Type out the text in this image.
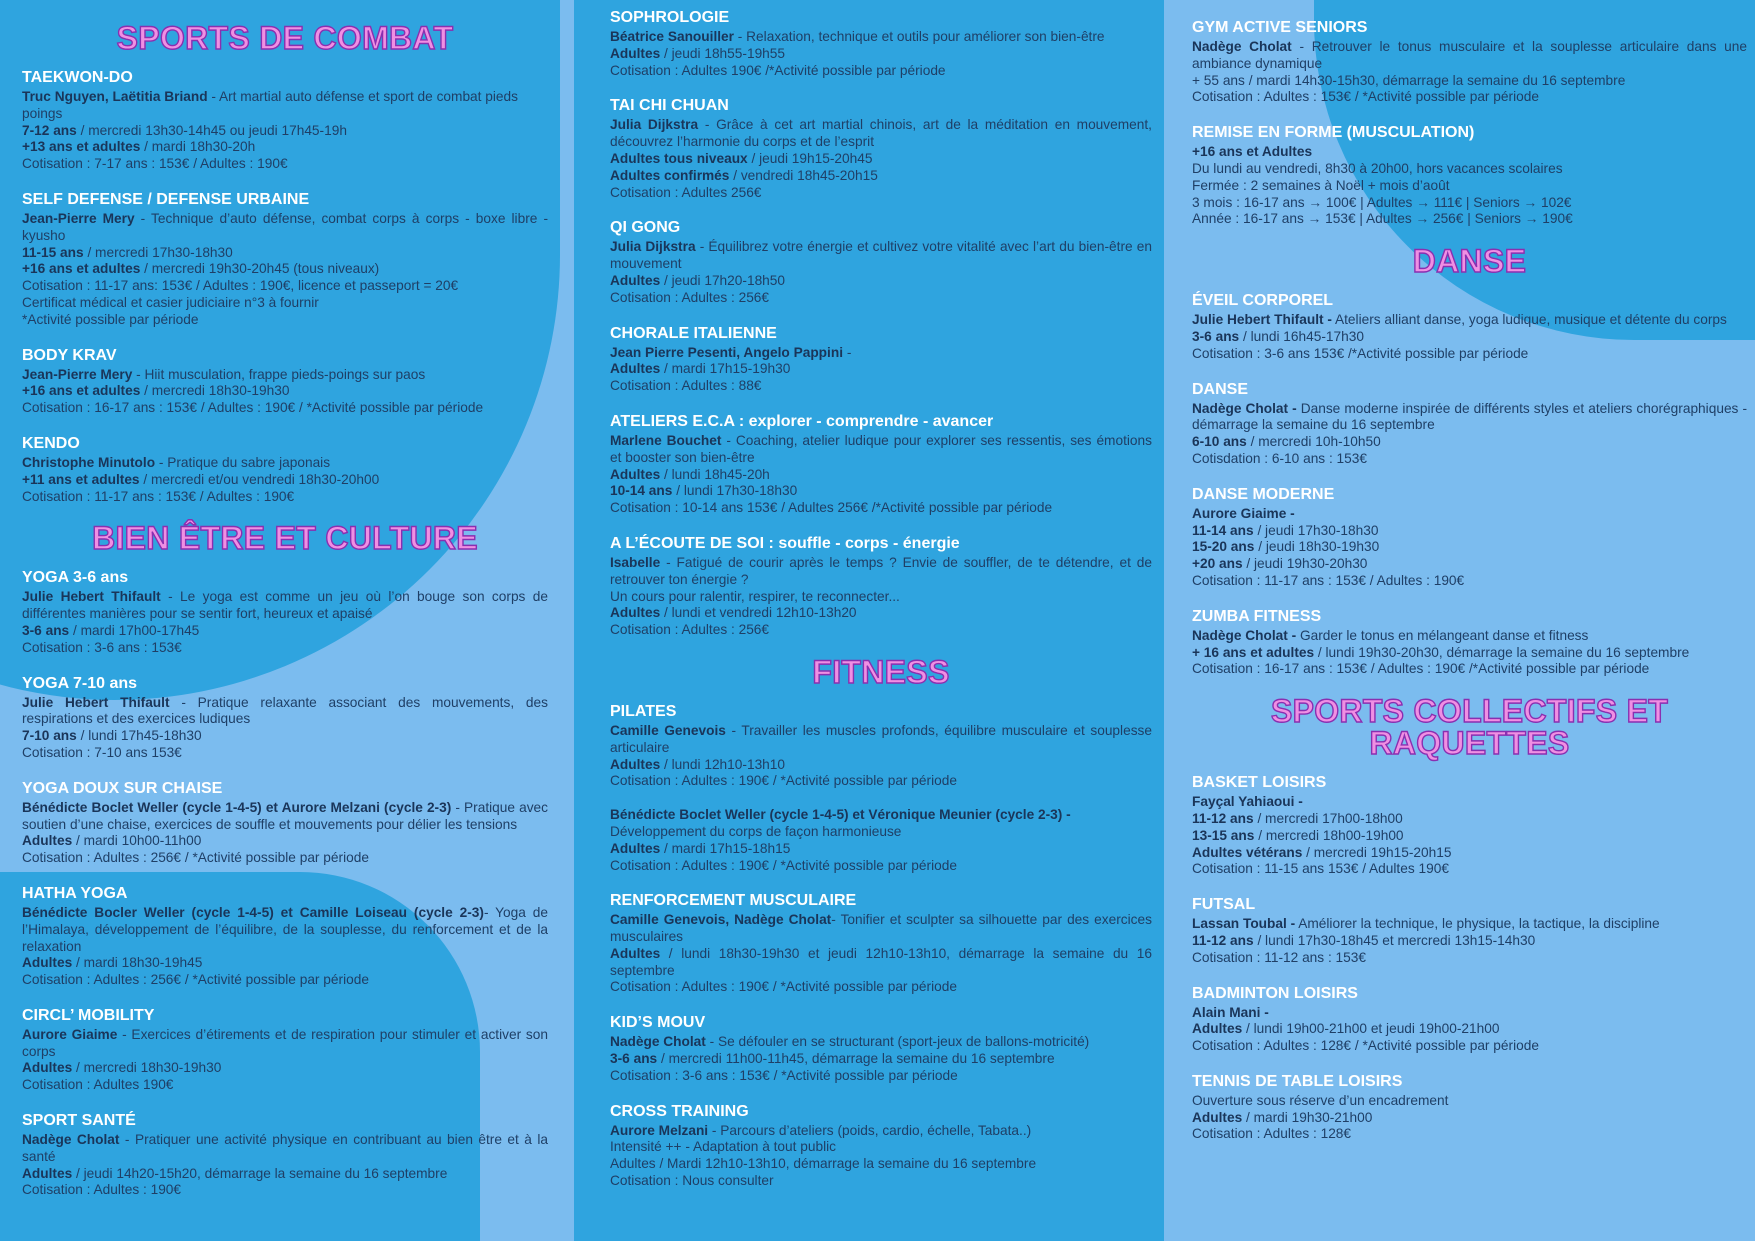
SPORTS DE COMBAT
TAEKWON-DO
Truc Nguyen, Laëtitia Briand - Art martial auto défense et sport de combat pieds poings
7-12 ans / mercredi 13h30-14h45 ou jeudi 17h45-19h
+13 ans et adultes / mardi 18h30-20h
Cotisation : 7-17 ans : 153€ / Adultes : 190€
SELF DEFENSE / DEFENSE URBAINE
Jean-Pierre Mery - Technique d’auto défense, combat corps à corps - boxe libre - kyusho
11-15 ans / mercredi 17h30-18h30
+16 ans et adultes / mercredi 19h30-20h45 (tous niveaux)
Cotisation : 11-17 ans: 153€ / Adultes : 190€, licence et passeport = 20€
Certificat médical et casier judiciaire n°3 à fournir
*Activité possible par période
BODY KRAV
Jean-Pierre Mery - Hiit musculation, frappe pieds-poings sur paos
+16 ans et adultes / mercredi 18h30-19h30
Cotisation : 16-17 ans : 153€ / Adultes : 190€ / *Activité possible par période
KENDO
Christophe Minutolo - Pratique du sabre japonais
+11 ans et adultes / mercredi et/ou vendredi 18h30-20h00
Cotisation : 11-17 ans : 153€ / Adultes : 190€
BIEN ÊTRE ET CULTURE
YOGA 3-6 ans
Julie Hebert Thifault - Le yoga est comme un jeu où l’on bouge son corps de différentes manières pour se sentir fort, heureux et apaisé
3-6 ans / mardi 17h00-17h45
Cotisation : 3-6 ans : 153€
YOGA 7-10 ans
Julie Hebert Thifault - Pratique relaxante associant des mouvements, des respirations et des exercices ludiques
7-10 ans / lundi 17h45-18h30
Cotisation : 7-10 ans 153€
YOGA DOUX SUR CHAISE
Bénédicte Boclet Weller (cycle 1-4-5) et Aurore Melzani (cycle 2-3) - Pratique avec soutien d’une chaise, exercices de souffle et mouvements pour délier les tensions
Adultes / mardi 10h00-11h00
Cotisation : Adultes : 256€ / *Activité possible par période
HATHA YOGA
Bénédicte Bocler Weller (cycle 1-4-5) et Camille Loiseau (cycle 2-3)- Yoga de l’Himalaya, développement de l’équilibre, de la souplesse, du renforcement et de la relaxation
Adultes / mardi 18h30-19h45
Cotisation : Adultes : 256€ / *Activité possible par période
CIRCL’ MOBILITY
Aurore Giaime - Exercices d’étirements et de respiration pour stimuler et activer son corps
Adultes / mercredi 18h30-19h30
Cotisation : Adultes 190€
SPORT SANTÉ
Nadège Cholat - Pratiquer une activité physique en contribuant au bien être et à la santé
Adultes / jeudi 14h20-15h20, démarrage la semaine du 16 septembre
Cotisation : Adultes : 190€
SOPHROLOGIE
Béatrice Sanouiller - Relaxation, technique et outils pour améliorer son bien-être
Adultes / jeudi 18h55-19h55
Cotisation : Adultes 190€ /*Activité possible par période
TAI CHI CHUAN
Julia Dijkstra - Grâce à cet art martial chinois, art de la méditation en mouvement, découvrez l’harmonie du corps et de l’esprit
Adultes tous niveaux / jeudi 19h15-20h45
Adultes confirmés / vendredi 18h45-20h15
Cotisation : Adultes 256€
QI GONG
Julia Dijkstra - Équilibrez votre énergie et cultivez votre vitalité avec l’art du bien-être en mouvement
Adultes / jeudi 17h20-18h50
Cotisation : Adultes : 256€
CHORALE ITALIENNE
Jean Pierre Pesenti, Angelo Pappini -
Adultes / mardi 17h15-19h30
Cotisation : Adultes : 88€
ATELIERS E.C.A : explorer - comprendre - avancer
Marlene Bouchet - Coaching, atelier ludique pour explorer ses ressentis, ses émotions et booster son bien-être
Adultes / lundi 18h45-20h
10-14 ans / lundi 17h30-18h30
Cotisation : 10-14 ans 153€ / Adultes 256€ /*Activité possible par période
A L’ÉCOUTE DE SOI : souffle - corps - énergie
Isabelle - Fatigué de courir après le temps ? Envie de souffler, de te détendre, et de retrouver ton énergie ?
Un cours pour ralentir, respirer, te reconnecter...
Adultes / lundi et vendredi 12h10-13h20
Cotisation : Adultes : 256€
FITNESS
PILATES
Camille Genevois - Travailler les muscles profonds, équilibre musculaire et souplesse articulaire
Adultes / lundi 12h10-13h10
Cotisation : Adultes : 190€ / *Activité possible par période
Bénédicte Boclet Weller (cycle 1-4-5) et Véronique Meunier (cycle 2-3) - Développement du corps de façon harmonieuse
Adultes / mardi 17h15-18h15
Cotisation : Adultes : 190€ / *Activité possible par période
RENFORCEMENT MUSCULAIRE
Camille Genevois, Nadège Cholat- Tonifier et sculpter sa silhouette par des exercices musculaires
Adultes / lundi 18h30-19h30 et jeudi 12h10-13h10, démarrage la semaine du 16 septembre
Cotisation : Adultes : 190€ / *Activité possible par période
KID’S MOUV
Nadège Cholat - Se défouler en se structurant (sport-jeux de ballons-motricité)
3-6 ans / mercredi 11h00-11h45, démarrage la semaine du 16 septembre
Cotisation : 3-6 ans : 153€ / *Activité possible par période
CROSS TRAINING
Aurore Melzani - Parcours d’ateliers (poids, cardio, échelle, Tabata..)
Intensité ++ - Adaptation à tout public
Adultes / Mardi 12h10-13h10, démarrage la semaine du 16 septembre
Cotisation : Nous consulter
GYM ACTIVE SENIORS
Nadège Cholat - Retrouver le tonus musculaire et la souplesse articulaire dans une ambiance dynamique
+ 55 ans / mardi 14h30-15h30, démarrage la semaine du 16 septembre
Cotisation : Adultes : 153€ / *Activité possible par période
REMISE EN FORME (MUSCULATION)
+16 ans et Adultes
Du lundi au vendredi, 8h30 à 20h00, hors vacances scolaires
Fermée : 2 semaines à Noël + mois d’août
3 mois : 16-17 ans → 100€ | Adultes → 111€ | Seniors → 102€
Année : 16-17 ans → 153€ | Adultes → 256€ | Seniors → 190€
DANSE
ÉVEIL CORPOREL
Julie Hebert Thifault - Ateliers alliant danse, yoga ludique, musique et détente du corps
3-6 ans / lundi 16h45-17h30
Cotisation : 3-6 ans 153€ /*Activité possible par période
DANSE
Nadège Cholat - Danse moderne inspirée de différents styles et ateliers chorégraphiques - démarrage la semaine du 16 septembre
6-10 ans / mercredi 10h-10h50
Cotisdation : 6-10 ans : 153€
DANSE MODERNE
Aurore Giaime -
11-14 ans / jeudi 17h30-18h30
15-20 ans / jeudi 18h30-19h30
+20 ans / jeudi 19h30-20h30
Cotisation : 11-17 ans : 153€ / Adultes : 190€
ZUMBA FITNESS
Nadège Cholat - Garder le tonus en mélangeant danse et fitness
+ 16 ans et adultes / lundi 19h30-20h30, démarrage la semaine du 16 septembre
Cotisation : 16-17 ans : 153€ / Adultes : 190€ /*Activité possible par période
SPORTS COLLECTIFS ET RAQUETTES
BASKET LOISIRS
Fayçal Yahiaoui -
11-12 ans / mercredi 17h00-18h00
13-15 ans / mercredi 18h00-19h00
Adultes vétérans / mercredi 19h15-20h15
Cotisation : 11-15 ans 153€ / Adultes 190€
FUTSAL
Lassan Toubal - Améliorer la technique, le physique, la tactique, la discipline
11-12 ans / lundi 17h30-18h45 et mercredi 13h15-14h30
Cotisation : 11-12 ans : 153€
BADMINTON LOISIRS
Alain Mani -
Adultes / lundi 19h00-21h00 et jeudi 19h00-21h00
Cotisation : Adultes : 128€ / *Activité possible par période
TENNIS DE TABLE LOISIRS
Ouverture sous réserve d’un encadrement
Adultes / mardi 19h30-21h00
Cotisation : Adultes : 128€
